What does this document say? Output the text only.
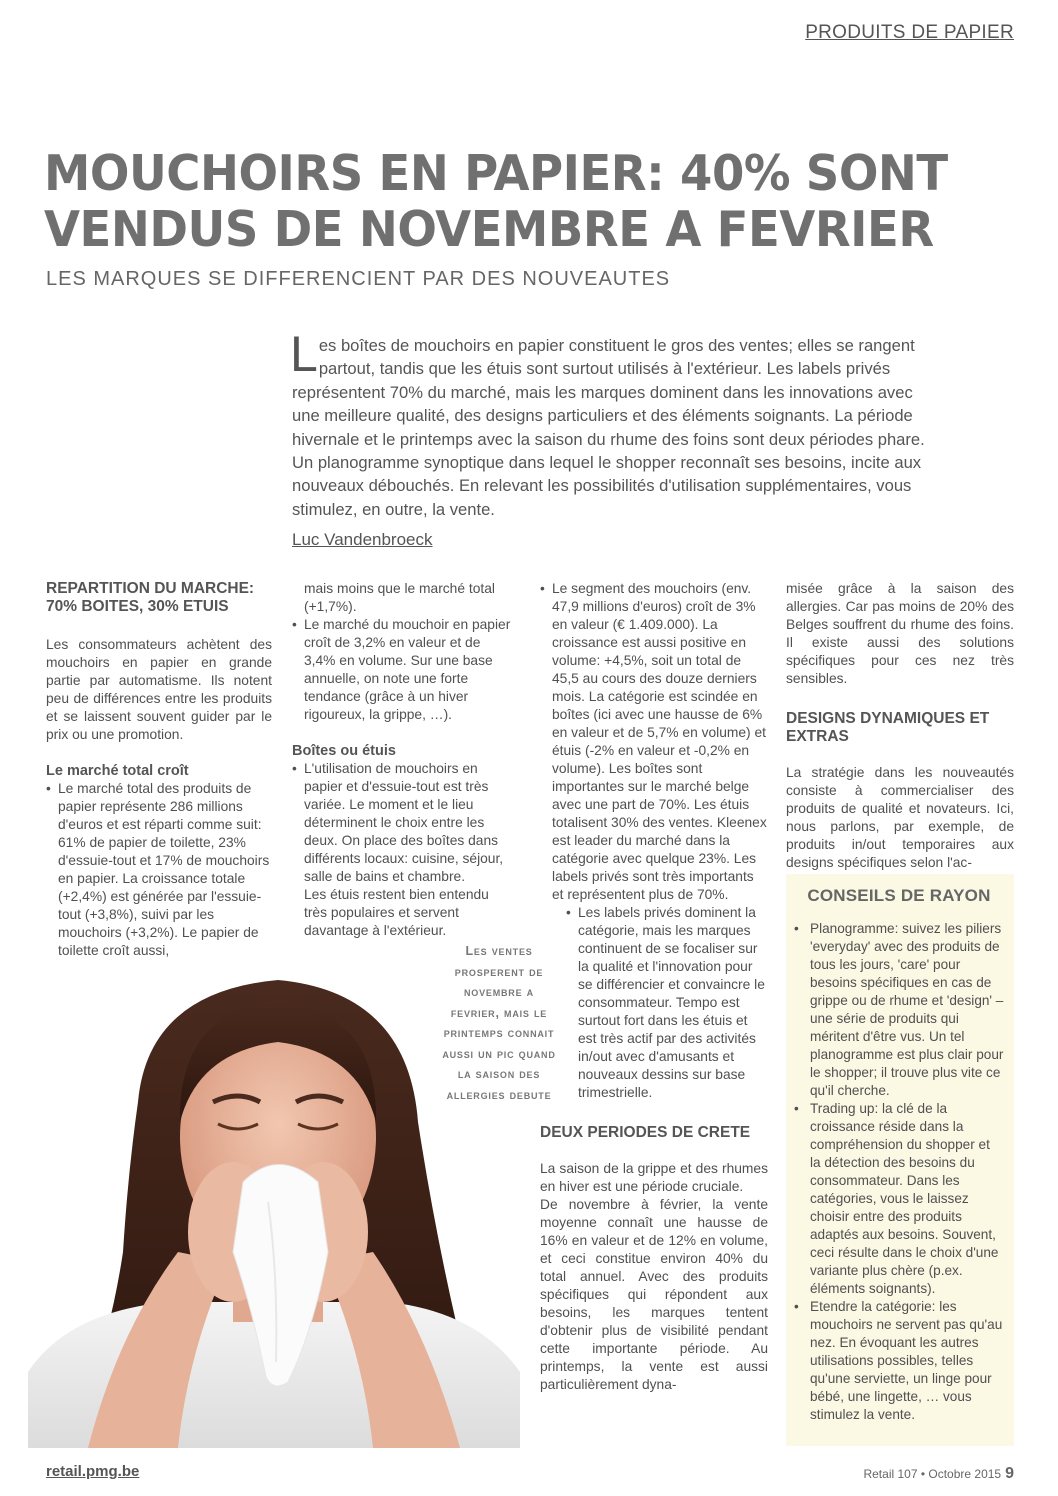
PRODUITS DE PAPIER
MOUCHOIRS EN PAPIER: 40% SONT
VENDUS DE NOVEMBRE A FEVRIER
LES MARQUES SE DIFFERENCIENT PAR DES NOUVEAUTES
Les boîtes de mouchoirs en papier constituent le gros des ventes; elles se rangent partout, tandis que les étuis sont surtout utilisés à l'extérieur. Les labels privés représentent 70% du marché, mais les marques dominent dans les innovations avec une meilleure qualité, des designs particuliers et des éléments soignants. La période hivernale et le printemps avec la saison du rhume des foins sont deux périodes phare. Un planogramme synoptique dans lequel le shopper reconnaît ses besoins, incite aux nouveaux débouchés. En relevant les possibilités d'utilisation supplémentaires, vous stimulez, en outre, la vente.
Luc Vandenbroeck
REPARTITION DU MARCHE: 70% BOITES, 30% ETUIS

Les consommateurs achètent des mouchoirs en papier en grande partie par automatisme. Ils notent peu de différences entre les produits et se laissent souvent guider par le prix ou une promotion.

Le marché total croît
• Le marché total des produits de papier représente 286 millions d'euros et est réparti comme suit: 61% de papier de toilette, 23% d'essuie-tout et 17% de mouchoirs en papier. La croissance totale (+2,4%) est générée par l'essuie-tout (+3,8%), suivi par les mouchoirs (+3,2%). Le papier de toilette croît aussi,

mais moins que le marché total (+1,7%).

• Le marché du mouchoir en papier croît de 3,2% en valeur et de 3,4% en volume. Sur une base annuelle, on note une forte tendance (grâce à un hiver rigoureux, la grippe, …).
Boîtes ou étuis
• L'utilisation de mouchoirs en papier et d'essuie-tout est très variée. Le moment et le lieu déterminent le choix entre les deux. On place des boîtes dans différents locaux: cuisine, séjour, salle de bains et chambre.

Les étuis restent bien entendu très populaires et servent davantage à l'extérieur.

Les ventes prosperent de novembre a fevrier, mais le printemps connait aussi un pic quand la saison des allergies debute
• Le segment des mouchoirs (env. 47,9 millions d'euros) croît de 3% en valeur (€ 1.409.000). La croissance est aussi positive en volume: +4,5%, soit un total de 45,5 au cours des douze derniers mois. La catégorie est scindée en boîtes (ici avec une hausse de 6% en valeur et de 5,7% en volume) et étuis (-2% en valeur et -0,2% en volume). Les boîtes sont importantes sur le marché belge avec une part de 70%. Les étuis totalisent 30% des ventes. Kleenex est leader du marché dans la catégorie avec quelque 23%. Les labels privés sont très importants et représentent plus de 70%.
• Les labels privés dominent la catégorie, mais les marques continuent de se focaliser sur la qualité et l'innovation pour se différencier et convaincre le consommateur. Tempo est surtout fort dans les étuis et est très actif par des activités in/out avec d'amusants et nouveaux dessins sur base trimestrielle.
DEUX PERIODES DE CRETE

La saison de la grippe et des rhumes en hiver est une période cruciale.

De novembre à février, la vente moyenne connaît une hausse de 16% en valeur et de 12% en volume, et ceci constitue environ 40% du total annuel. Avec des produits spécifiques qui répondent aux besoins, les marques tentent d'obtenir plus de visibilité pendant cette importante période. Au printemps, la vente est aussi particulièrement dyna-

misée grâce à la saison des allergies. Car pas moins de 20% des Belges souffrent du rhume des foins. Il existe aussi des solutions spécifiques pour ces nez très sensibles.

DESIGNS DYNAMIQUES ET EXTRAS

La stratégie dans les nouveautés consiste à commercialiser des produits de qualité et novateurs. Ici, nous parlons, par exemple, de produits in/out temporaires aux designs spécifiques selon l'ac-

CONSEILS DE RAYON
• Planogramme: suivez les piliers 'everyday' avec des produits de tous les jours, 'care' pour besoins spécifiques en cas de grippe ou de rhume et 'design' – une série de produits qui méritent d'être vus. Un tel planogramme est plus clair pour le shopper; il trouve plus vite ce qu'il cherche.
• Trading up: la clé de la croissance réside dans la compréhension du shopper et la détection des besoins du consommateur. Dans les catégories, vous le laissez choisir entre des produits adaptés aux besoins. Souvent, ceci résulte dans le choix d'une variante plus chère (p.ex. éléments soignants).
• Etendre la catégorie: les mouchoirs ne servent pas qu'au nez. En évoquant les autres utilisations possibles, telles qu'une serviette, un linge pour bébé, une lingette, … vous stimulez la vente.
retail.pmg.be	Retail 107 • Octobre 2015 9
